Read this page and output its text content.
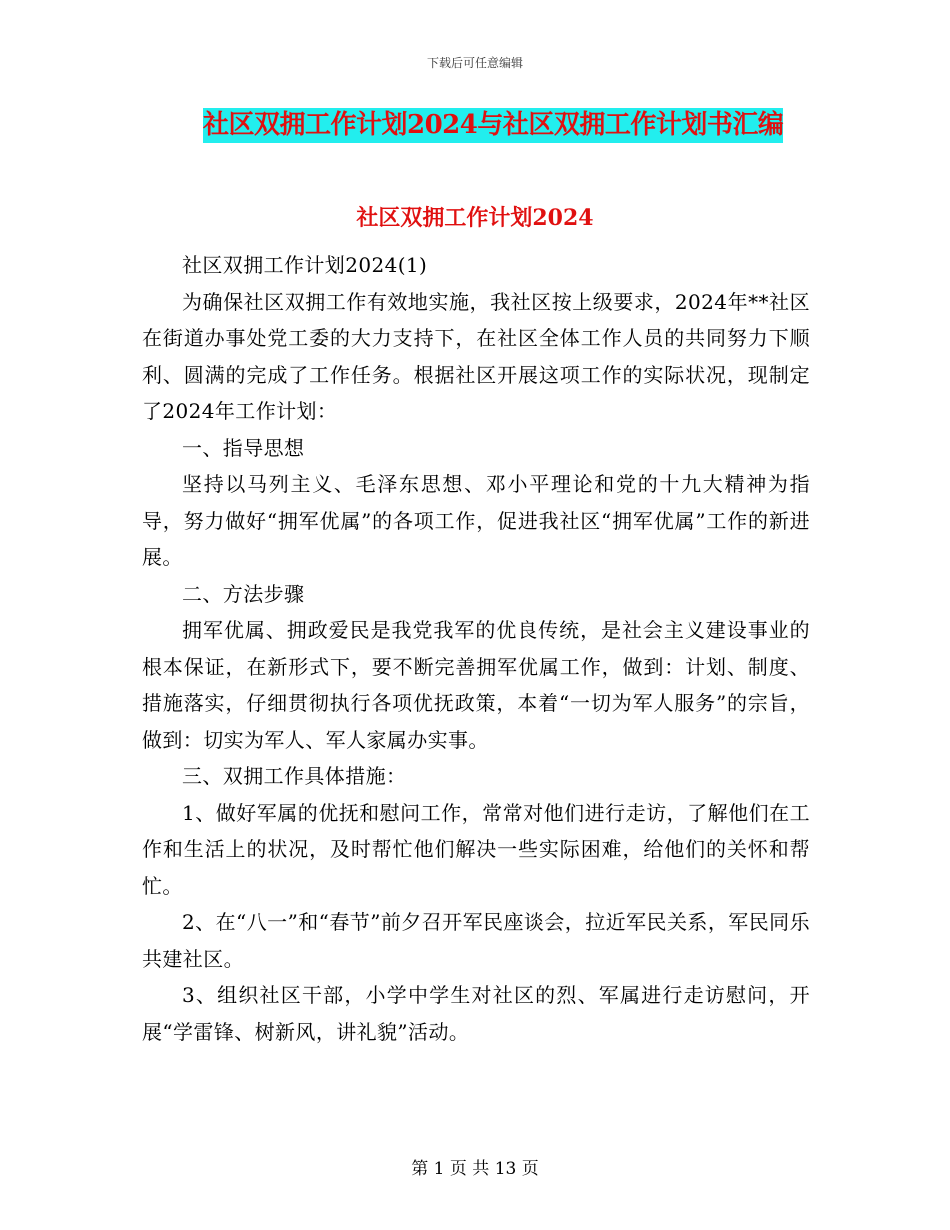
下载后可任意编辑
社区双拥工作计划2024与社区双拥工作计划书汇编
社区双拥工作计划2024

社区双拥工作计划2024(1)

为确保社区双拥工作有效地实施，我社区按上级要求，2024年**社区在街道办事处党工委的大力支持下，在社区全体工作人员的共同努力下顺利、圆满的完成了工作任务。根据社区开展这项工作的实际状况，现制定了2024年工作计划：

一、指导思想

坚持以马列主义、毛泽东思想、邓小平理论和党的十九大精神为指导，努力做好“拥军优属”的各项工作，促进我社区“拥军优属”工作的新进展。

二、方法步骤

拥军优属、拥政爱民是我党我军的优良传统，是社会主义建设事业的根本保证，在新形式下，要不断完善拥军优属工作，做到：计划、制度、措施落实，仔细贯彻执行各项优抚政策，本着“一切为军人服务”的宗旨，做到：切实为军人、军人家属办实事。

三、双拥工作具体措施：

1、做好军属的优抚和慰问工作，常常对他们进行走访，了解他们在工作和生活上的状况，及时帮忙他们解决一些实际困难，给他们的关怀和帮忙。

2、在“八一”和“春节”前夕召开军民座谈会，拉近军民关系，军民同乐共建社区。

3、组织社区干部，小学中学生对社区的烈、军属进行走访慰问，开展“学雷锋、树新风，讲礼貌”活动。

第 1 页 共 13 页
